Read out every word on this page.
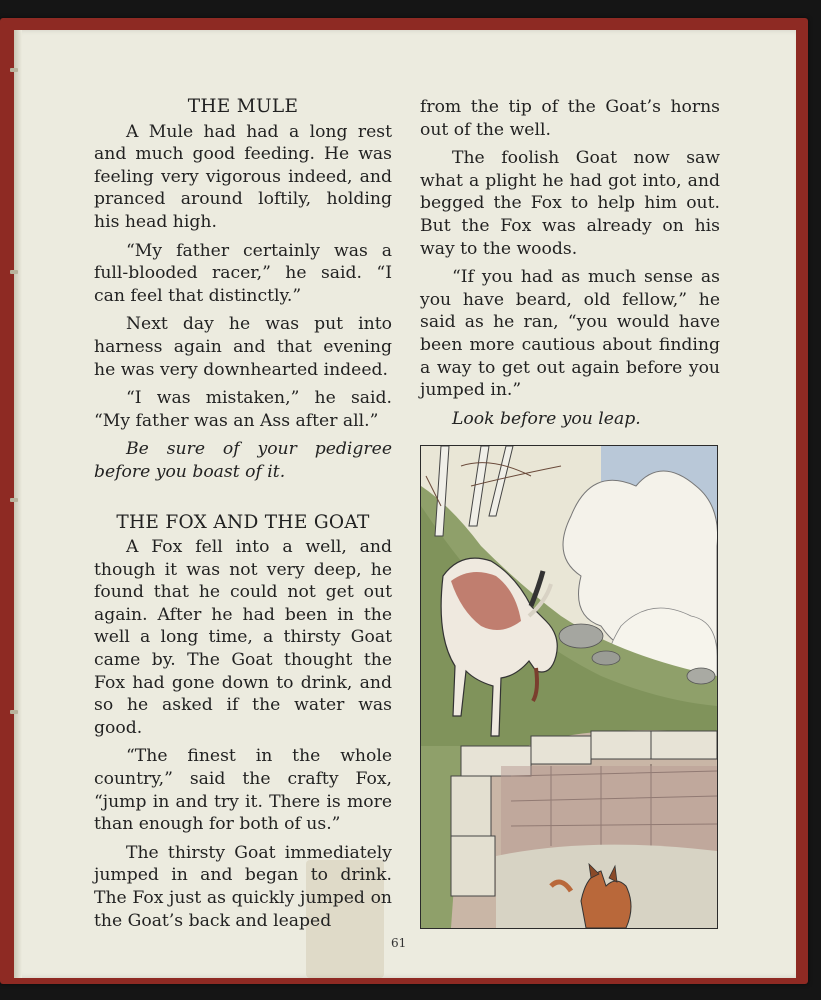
THE MULE

A Mule had had a long rest and much good feeding. He was feeling very vigorous indeed, and pranced around loftily, holding his head high.

“My father certainly was a full-blooded racer,” he said. “I can feel that distinctly.”

Next day he was put into harness again and that evening he was very downhearted indeed.

“I was mistaken,” he said. “My father was an Ass after all.”

Be sure of your pedigree before you boast of it.

THE FOX AND THE GOAT

A Fox fell into a well, and though it was not very deep, he found that he could not get out again. After he had been in the well a long time, a thirsty Goat came by. The Goat thought the Fox had gone down to drink, and so he asked if the water was good.

“The finest in the whole country,” said the crafty Fox, “jump in and try it. There is more than enough for both of us.”

The thirsty Goat immediately jumped in and began to drink. The Fox just as quickly jumped on the Goat’s back and leaped

from the tip of the Goat’s horns out of the well.

The foolish Goat now saw what a plight he had got into, and begged the Fox to help him out. But the Fox was already on his way to the woods.

“If you had as much sense as you have beard, old fellow,” he said as he ran, “you would have been more cautious about finding a way to get out again before you jumped in.”

Look before you leap.

61
